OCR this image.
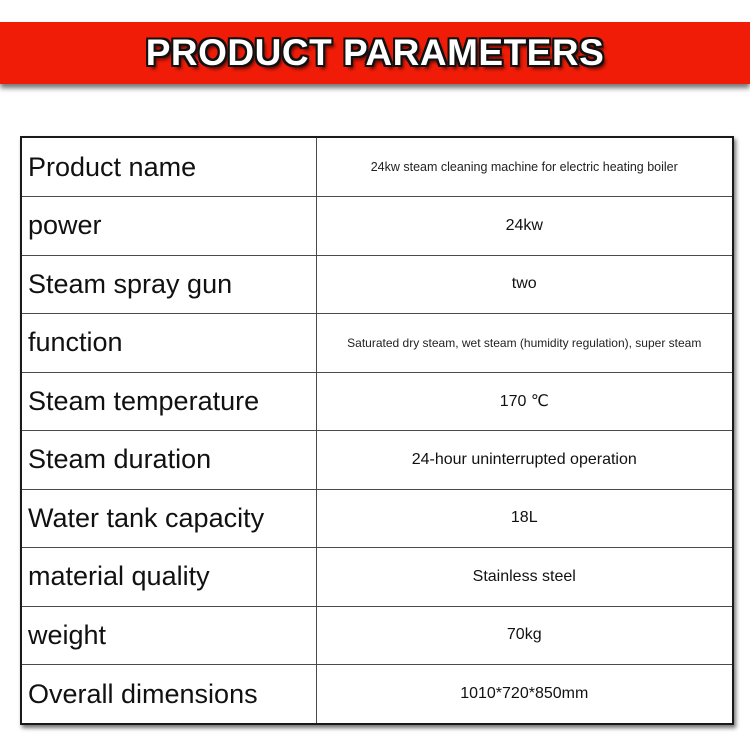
PRODUCT PARAMETERS
Product name	24kw steam cleaning machine for electric heating boiler
power	24kw
Steam spray gun	two
function	Saturated dry steam, wet steam (humidity regulation), super steam
Steam temperature	170 ℃
Steam duration	24-hour uninterrupted operation
Water tank capacity	18L
material quality	Stainless steel
weight	70kg
Overall dimensions	1010*720*850mm
